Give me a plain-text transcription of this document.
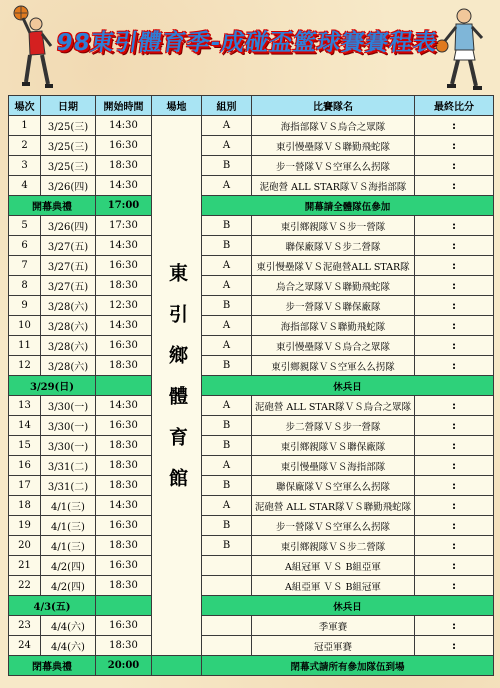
98東引體育季-成碰盃籃球賽賽程表
場次	日期	開始時間	場地	組別	比賽隊名	最終比分
1	3/25(三)	14:30	東引鄉體育館	A	海指部隊ＶＳ烏合之眾隊	:
2	3/25(三)	16:30		A	東引慢壘隊ＶＳ聯勤飛蛇隊	:
3	3/25(三)	18:30		B	步一營隊ＶＳ空軍么么拐隊	:
4	3/26(四)	14:30		A	泥砲營 ALL STAR隊ＶＳ海指部隊	:
開幕典禮		17:00		開幕請全體隊伍參加		
5	3/26(四)	17:30		B	東引鄉親隊ＶＳ步一營隊	:
6	3/27(五)	14:30		B	聯保廠隊ＶＳ步二營隊	:
7	3/27(五)	16:30		A	東引慢壘隊ＶＳ泥砲營ALL STAR隊	:
8	3/27(五)	18:30		A	烏合之眾隊ＶＳ聯勤飛蛇隊	:
9	3/28(六)	12:30		B	步一營隊ＶＳ聯保廠隊	:
10	3/28(六)	14:30		A	海指部隊ＶＳ聯勤飛蛇隊	:
11	3/28(六)	16:30		A	東引慢壘隊ＶＳ烏合之眾隊	:
12	3/28(六)	18:30		B	東引鄉親隊ＶＳ空軍么么拐隊	:
3/29(日)				休兵日		
13	3/30(一)	14:30		A	泥砲營 ALL STAR隊ＶＳ烏合之眾隊	:
14	3/30(一)	16:30		B	步二營隊ＶＳ步一營隊	:
15	3/30(一)	18:30		B	東引鄉親隊ＶＳ聯保廠隊	:
16	3/31(二)	18:30		A	東引慢壘隊ＶＳ海指部隊	:
17	3/31(二)	18:30		B	聯保廠隊ＶＳ空軍么么拐隊	:
18	4/1(三)	14:30		A	泥砲營 ALL STAR隊ＶＳ聯勤飛蛇隊	:
19	4/1(三)	16:30		B	步一營隊ＶＳ空軍么么拐隊	:
20	4/1(三)	18:30		B	東引鄉親隊ＶＳ步二營隊	:
21	4/2(四)	16:30			A組冠軍 ＶＳ B組亞軍	:
22	4/2(四)	18:30			A組亞軍 ＶＳ B組冠軍	:
4/3(五)				休兵日		
23	4/4(六)	16:30			季軍賽	:
24	4/4(六)	18:30			冠亞軍賽	:
閉幕典禮		20:00		閉幕式請所有參加隊伍到場		
